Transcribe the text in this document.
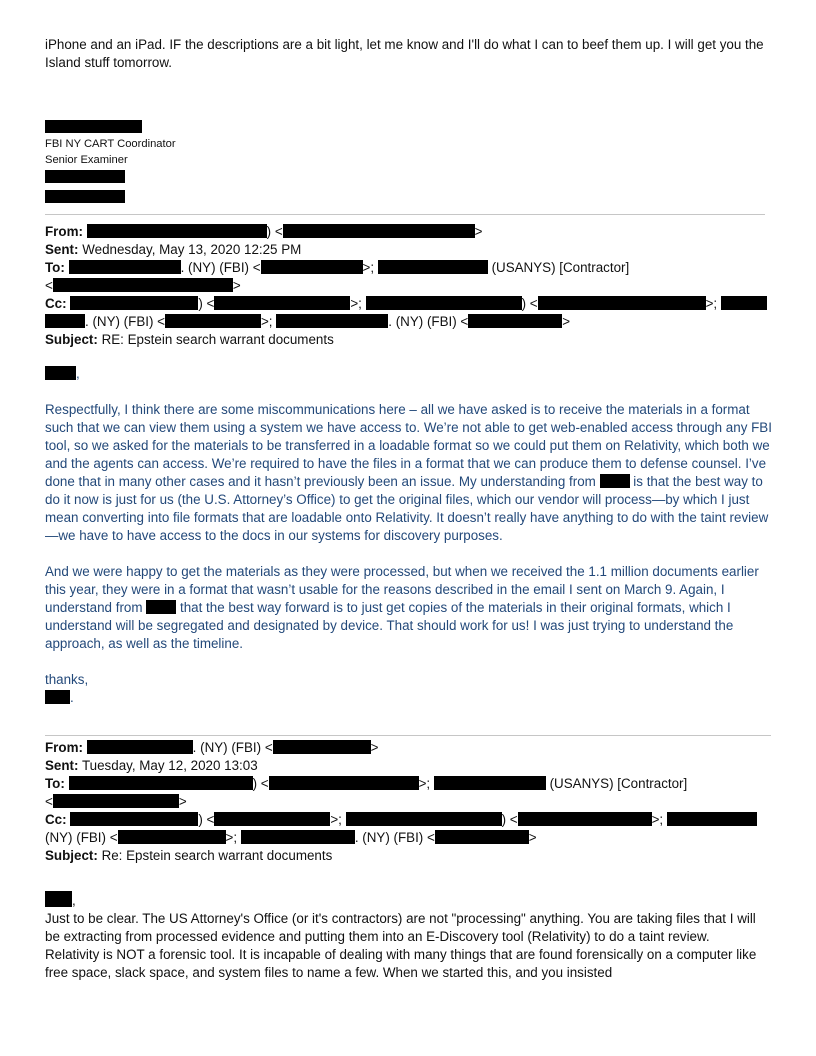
iPhone and an iPad. IF the descriptions are a bit light, let me know and I'll do what I can to beef them up. I will get you the Island stuff tomorrow.

FBI NY CART Coordinator

Senior Examiner

From:	) <	>

Sent: Wednesday, May 13, 2020 12:25 PM

To:	. (NY) (FBI) <	>;	(USANYS) [Contractor]

<	>

Cc:	) <	>;	) <	>;

. (NY) (FBI) <	>;	. (NY) (FBI) <	>

Subject: RE: Epstein search warrant documents

,

Respectfully, I think there are some miscommunications here – all we have asked is to receive the materials in a format such that we can view them using a system we have access to. We’re not able to get web-enabled access through any FBI tool, so we asked for the materials to be transferred in a loadable format so we could put them on Relativity, which both we and the agents can access. We’re required to have the files in a format that we can produce them to defense counsel. I’ve done that in many other cases and it hasn’t previously been an issue. My understanding from	is that the best way to do it now is just for us (the U.S. Attorney’s Office) to get the original files, which our vendor will process—by which I just mean converting into file formats that are loadable onto Relativity. It doesn’t really have anything to do with the taint review—we have to have access to the docs in our systems for discovery purposes.

And we were happy to get the materials as they were processed, but when we received the 1.1 million documents earlier this year, they were in a format that wasn’t usable for the reasons described in the email I sent on March 9. Again, I understand from	that the best way forward is to just get copies of the materials in their original formats, which I understand will be segregated and designated by device. That should work for us! I was just trying to understand the approach, as well as the timeline.

thanks,

.

From:	. (NY) (FBI) <	>

Sent: Tuesday, May 12, 2020 13:03

To:	) <	>;	(USANYS) [Contractor]

<	>

Cc:	) <	>;	) <	>;

(NY) (FBI) <	>;	. (NY) (FBI) <	>

Subject: Re: Epstein search warrant documents

,

Just to be clear. The US Attorney's Office (or it's contractors) are not "processing" anything. You are taking files that I will be extracting from processed evidence and putting them into an E-Discovery tool (Relativity) to do a taint review.

Relativity is NOT a forensic tool. It is incapable of dealing with many things that are found forensically on a computer like free space, slack space, and system files to name a few. When we started this, and you insisted
